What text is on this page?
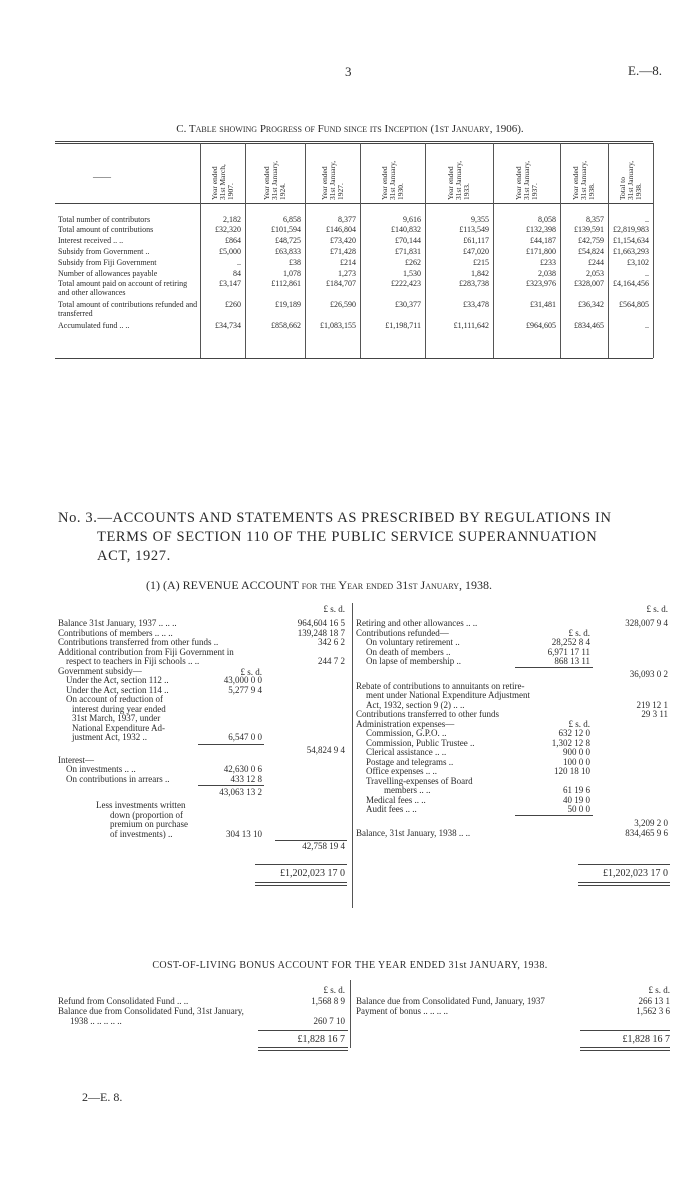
3	E.—8.
C. Table showing Progress of Fund since its Inception (1st January, 1906).
——
Year ended
31st March,
1907.	Year ended
31st January,
1924.	Year ended
31st January,
1927.	Year ended
31st January,
1930.	Year ended
31st January,
1933.	Year ended
31st January,
1937.	Year ended
31st January,
1938.	Total to
31st January,
1938.
Total number of contributors	2,182	6,858	8,377	9,616	9,355	8,058	8,357	..
Total amount of contributions	£32,320	£101,594	£146,804	£140,832	£113,549	£132,398	£139,591	£2,819,983
Interest received .. ..	£864	£48,725	£73,420	£70,144	£61,117	£44,187	£42,759	£1,154,634
Subsidy from Government ..	£5,000	£63,833	£71,428	£71,831	£47,020	£171,800	£54,824	£1,663,293
Subsidy from Fiji Government	..	£38	£214	£262	£215	£233	£244	£3,102
Number of allowances payable	84	1,078	1,273	1,530	1,842	2,038	2,053	..
Total amount paid on account of retiring and other allowances
£3,147	£112,861	£184,707	£222,423	£283,738	£323,976	£328,007	£4,164,456
Total amount of contributions refunded and transferred
£260	£19,189	£26,590	£30,377	£33,478	£31,481	£36,342	£564,805
Accumulated fund .. ..	£34,734	£858,662	£1,083,155	£1,198,711	£1,111,642	£964,605	£834,465	..
No. 3.—ACCOUNTS AND STATEMENTS AS PRESCRIBED BY REGULATIONS IN
TERMS OF SECTION 110 OF THE PUBLIC SERVICE SUPERANNUATION
ACT, 1927.
(1) (A) REVENUE ACCOUNT for the Year ended 31st January, 1938.
£ s. d.
Balance 31st January, 1937 .. .. ..	964,604 16 5
Contributions of members .. .. ..	139,248 18 7
Contributions transferred from other funds ..	342 6 2
Additional contribution from Fiji Government in
respect to teachers in Fiji schools .. ..	244 7 2
Government subsidy—	£ s. d.
Under the Act, section 112 ..	43,000 0 0
Under the Act, section 114 ..	5,277 9 4
On account of reduction of
interest during year ended
31st March, 1937, under
National Expenditure Ad-
justment Act, 1932 ..	6,547 0 0
54,824 9 4
Interest—
On investments .. ..	42,630 0 6
On contributions in arrears ..	433 12 8
43,063 13 2
Less investments written
down (proportion of
premium on purchase
of investments) ..	304 13 10
42,758 19 4
£1,202,023 17 0
£ s. d.
Retiring and other allowances .. ..	328,007 9 4
Contributions refunded—	£ s. d.
On voluntary retirement ..	28,252 8 4
On death of members ..	6,971 17 11
On lapse of membership ..	868 13 11
36,093 0 2
Rebate of contributions to annuitants on retire-
ment under National Expenditure Adjustment
Act, 1932, section 9 (2) .. ..	219 12 1
Contributions transferred to other funds	29 3 11
Administration expenses—	£ s. d.
Commission, G.P.O. ..	632 12 0
Commission, Public Trustee ..	1,302 12 8
Clerical assistance .. ..	900 0 0
Postage and telegrams ..	100 0 0
Office expenses .. ..	120 18 10
Travelling-expenses of Board
members .. ..	61 19 6
Medical fees .. ..	40 19 0
Audit fees .. ..	50 0 0
3,209 2 0
Balance, 31st January, 1938 .. ..	834,465 9 6
£1,202,023 17 0
COST-OF-LIVING BONUS ACCOUNT FOR THE YEAR ENDED 31st JANUARY, 1938.
£ s. d.
Refund from Consolidated Fund .. ..	1,568 8 9
Balance due from Consolidated Fund, 31st January,
1938 .. .. .. .. ..	260 7 10
£1,828 16 7
£ s. d.
Balance due from Consolidated Fund, January, 1937	266 13 1
Payment of bonus .. .. .. ..	1,562 3 6
£1,828 16 7
2—E. 8.
